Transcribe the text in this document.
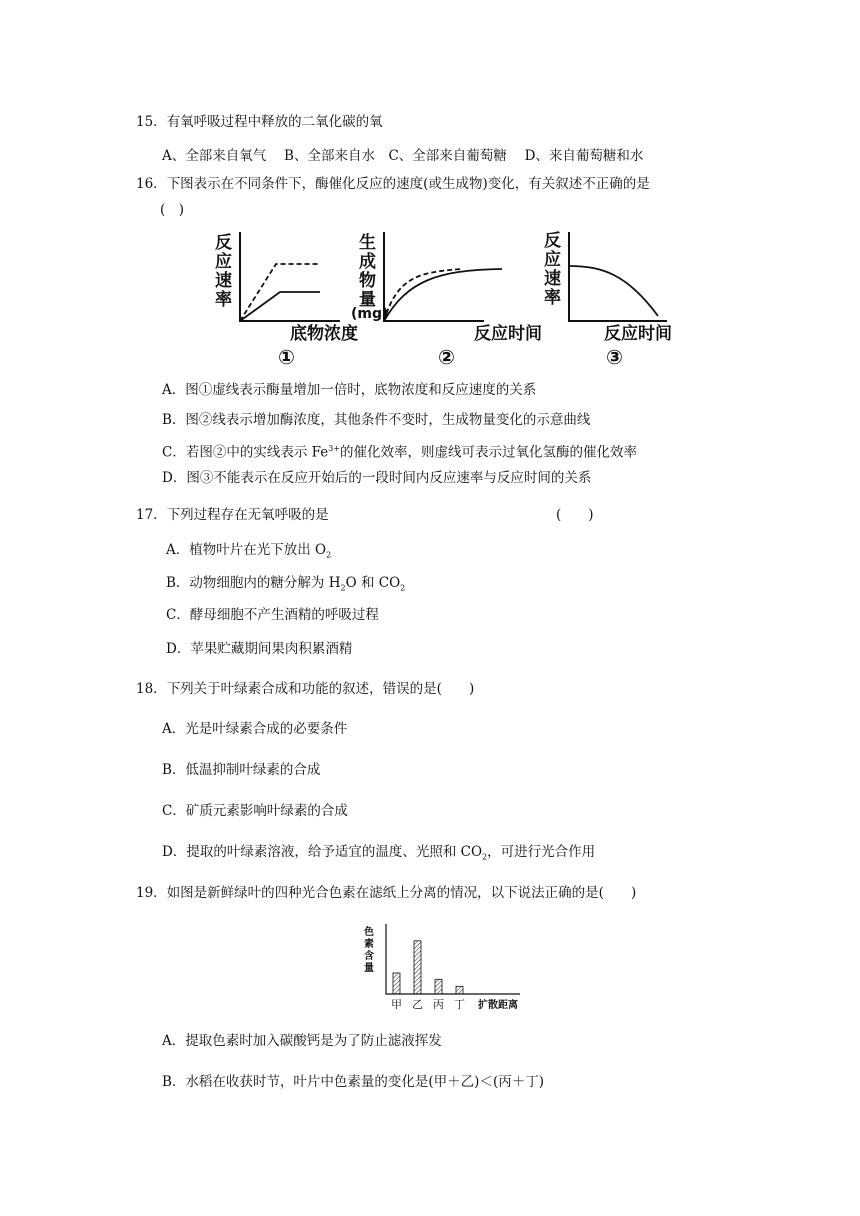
15．有氧呼吸过程中释放的二氧化碳的氧
A、全部来自氧气　 B、全部来自水　C、全部来自葡萄糖　 D、来自葡萄糖和水
16．下图表示在不同条件下，酶催化反应的速度(或生成物)变化，有关叙述不正确的是
(　)
反
应
速
率
底物浓度
①
生
成
物
量
(mg)
反应时间
②
反
应
速
率
反应时间
③
A．图①虚线表示酶量增加一倍时，底物浓度和反应速度的关系
B．图②线表示增加酶浓度，其他条件不变时，生成物量变化的示意曲线
C．若图②中的实线表示 $Fe^{3+}$的催化效率，则虚线可表示过氧化氢酶的催化效率
D．图③不能表示在反应开始后的一段时间内反应速率与反应时间的关系
17．下列过程存在无氧呼吸的是	(　　)
A．植物叶片在光下放出 $O_2$
B．动物细胞内的糖分解为 $H_2O$ 和 $CO_2$
C．酵母细胞不产生酒精的呼吸过程
D．苹果贮藏期间果肉积累酒精
18．下列关于叶绿素合成和功能的叙述，错误的是(　　)
A．光是叶绿素合成的必要条件
B．低温抑制叶绿素的合成
C．矿质元素影响叶绿素的合成
D．提取的叶绿素溶液，给予适宜的温度、光照和 $CO_2$，可进行光合作用
19．如图是新鲜绿叶的四种光合色素在滤纸上分离的情况，以下说法正确的是(　　)
色
素
含
量
扩散距离
甲 乙 丙 丁
A．提取色素时加入碳酸钙是为了防止滤液挥发
B．水稻在收获时节，叶片中色素量的变化是(甲＋乙)＜(丙＋丁)
